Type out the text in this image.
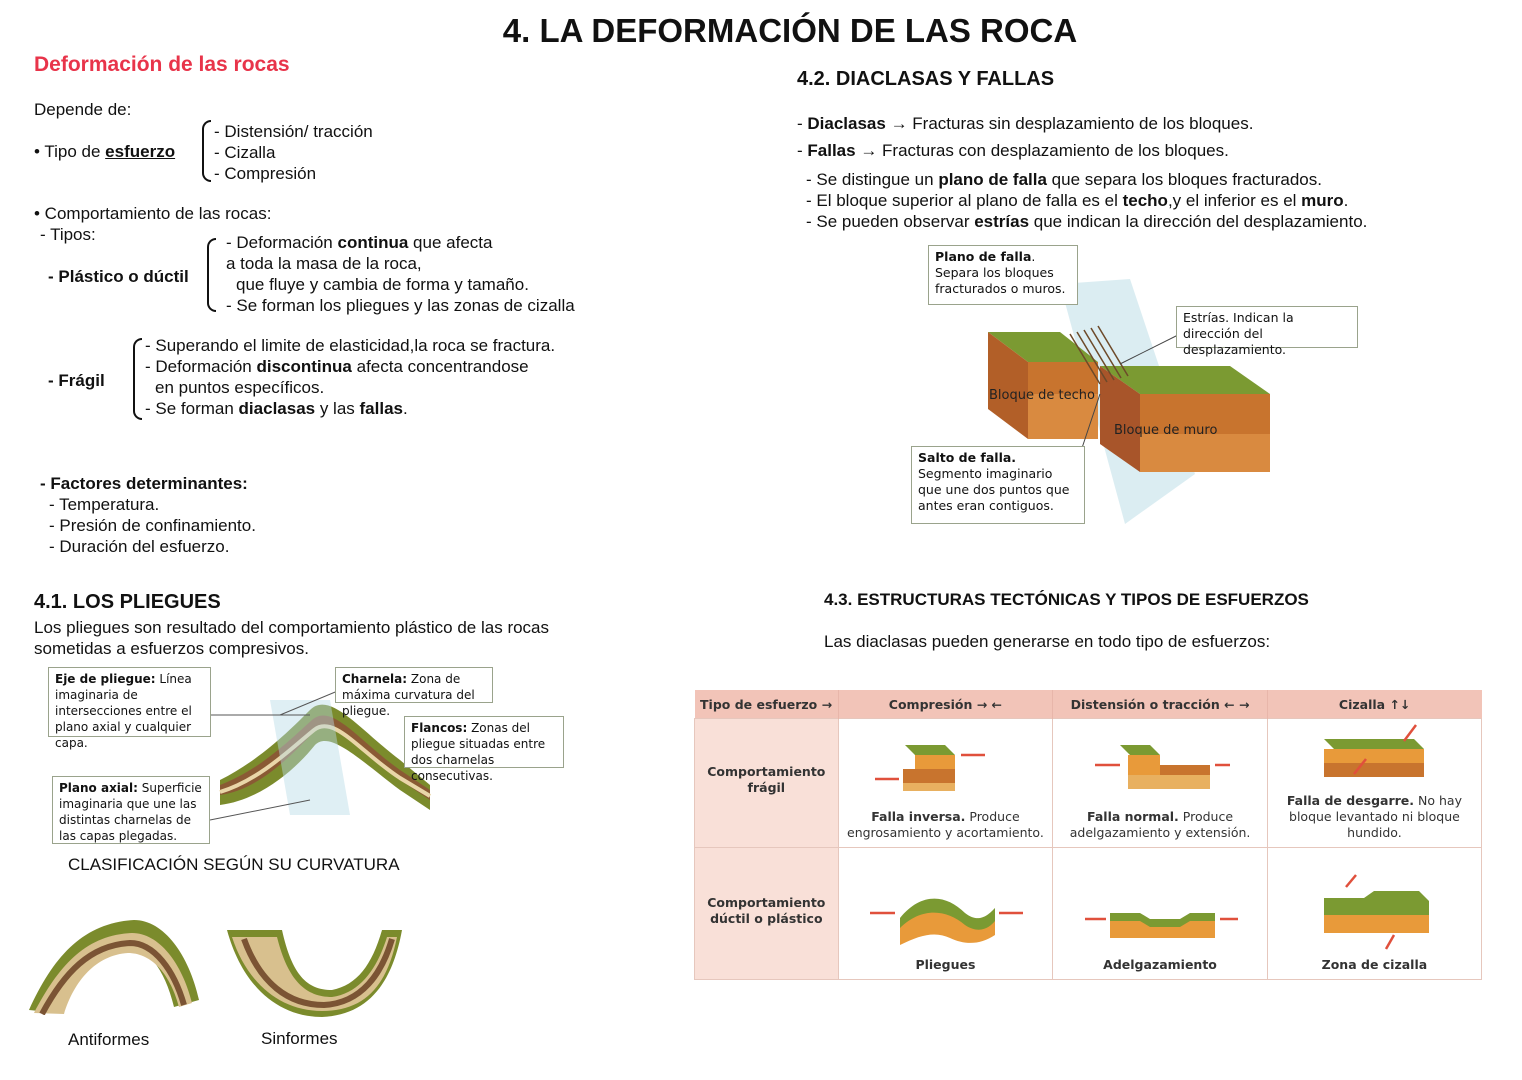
4. LA DEFORMACIÓN DE LAS ROCA
Deformación de las rocas
Depende de:
• Tipo de esfuerzo
- Distensión/ tracción
- Cizalla
- Compresión
• Comportamiento de las rocas:
- Tipos:
- Plástico o dúctil
- Deformación continua que afecta
a toda la masa de la roca,
que fluye y cambia de forma y tamaño.
- Se forman los pliegues y las zonas de cizalla
- Frágil
- Superando el limite de elasticidad,la roca se fractura.
- Deformación discontinua afecta concentrandose
en puntos específicos.
- Se forman diaclasas y las fallas.
- Factores determinantes:
- Temperatura.
- Presión de confinamiento.
- Duración del esfuerzo.
4.1. LOS PLIEGUES
Los pliegues son resultado del comportamiento plástico de las rocas
sometidas a esfuerzos compresivos.
Eje de pliegue: Línea imaginaria de intersecciones entre el plano axial y cualquier capa.
Charnela: Zona de máxima curvatura del pliegue.
Flancos: Zonas del pliegue situadas entre dos charnelas consecutivas.
Plano axial: Superficie imaginaria que une las distintas charnelas de las capas plegadas.
CLASIFICACIÓN SEGÚN SU CURVATURA
Antiformes	Sinformes
4.2. DIACLASAS Y FALLAS
- Diaclasas → Fracturas sin desplazamiento de los bloques.
- Fallas → Fracturas con desplazamiento de los bloques.
- Se distingue un plano de falla que separa los bloques fracturados.
- El bloque superior al plano de falla es el techo,y el inferior es el muro.
- Se pueden observar estrías que indican la dirección del desplazamiento.
Bloque de techo
Bloque de muro
Plano de falla. Separa los bloques fracturados o muros.
Estrías. Indican la dirección del desplazamiento.
Salto de falla. Segmento imaginario que une dos puntos que antes eran contiguos.
4.3. ESTRUCTURAS TECTÓNICAS Y TIPOS DE ESFUERZOS
Las diaclasas pueden generarse en todo tipo de esfuerzos:
Tipo de esfuerzo →	Compresión → ←	Distensión o tracción ← →	Cizalla ↑↓
Comportamiento frágil	Falla inversa. Produce engrosamiento y acortamiento.	Falla normal. Produce adelgazamiento y extensión.	Falla de desgarre. No hay bloque levantado ni bloque hundido.

Comportamiento dúctil o plástico	Pliegues	Adelgazamiento	Zona de cizalla
